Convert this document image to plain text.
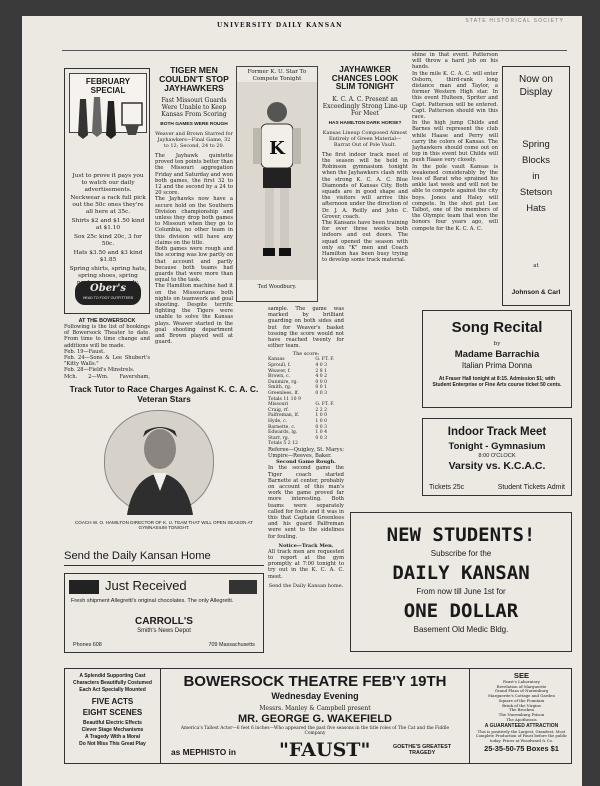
UNIVERSITY DAILY KANSAN
STATE HISTORICAL SOCIETY
FEBRUARY SPECIAL

Just to prove it pays you to watch our daily advertisements.

Neckwear a rack full pick out the 50c ones they're all here at 35c.

Shirts $2 and $1.50 kind at $1.10

Sox 25c kind 20c, 3 for 50c.

Hats $3.50 and $3 kind $1.85

Spring shirts, spring hats, spring shoes, spring

Ober's
HEAD TO FOOT OUTFITTERS
AT THE BOWERSOCK

Following is the list of bookings of Bowersock Theater to date. From time to time change and additions will be made.

Feb. 19—Faust.

Feb. 24—Sons & Lee Shubert's "Kitty Walls."

Feb. 28—Field's Minstrels.

Mch. 2—Wm. Faversham,

TIGER MEN COULDN'T STOP JAYHAWKERS
Fast Missouri Guards Were Unable to Keep Kansas From Scoring
BOTH GAMES WERE ROUGH
Weaver and Brown Starred for Jayhawkers—Final Game, 32 to 12; Second, 24 to 20.

The Jayhawk quintette proved ten points better than the Missouri aggregation Friday and Saturday and won both games, the first 32 to 12 and the second by a 24 to 20 score.

The Jayhawks now have a secure hold on the Southern Division championship and unless they drop both games to Missouri when they go to Columbia, no other team in this division will have any claims on the title.

Both games were rough and the scoring was low partly on that account and partly because both teams had guards that were more than equal to the task.

The Hamilton machine had it on the Missourians both nights on teamwork and goal shooting. Despite terrific fighting the Tigers were unable to solve the Kansas plays. Weaver started in the goal shooting department and Brown played well at guard.

Former K. U. Star To Compete Tonight
K
Ted Woodbury.
JAYHAWKER CHANCES LOOK SLIM TONIGHT
K. C. A. C. Present an Exceedingly Strong Line-up For Meet
HAS HAMILTON DARK HORSE?
Kansas Lineup Composed Almost Entirely of Green Material—Barrat Out of Pole Vault.

The first indoor track meet of the season will be held in Robinson gymnasium tonight when the Jayhawkers clash with the strong K. C. A. C. Blue Diamonds of Kansas City. Both squads are in good shape and the visitors will arrive this afternoon under the direction of Dr. J. A. Reilly and John C. Grover, coach.

The Kansans have been training for over three weeks both indoors and out doors. The squad opened the season with only six "K" men and Coach Hamilton has been busy trying to develop some track material.

shine in that event. Patterson will throw a hard job on his hands.

In the mile K. C. A. C. will enter Osborn, third-rank long distance man and Taylor, a former Western High star. In this event Hulteen, Spriter and Capt. Patterson will be entered. Capt. Patterson should win this race.

In the high jump Childs and Barnes will represent the club while Haase and Perry will carry the colors of Kansas. The Jayhawkers should come out on top in this event but Childs will push Haase very closely.

In the pole vault Kansas is weakened considerably by the loss of Barat who sprained his ankle last week and will not be able to compete against the city boys. Jones and Haley will compete. In the shot put Lee Talbot, one of the members of the Olympic team that won the honors four years ago, will compete for the K. C. A. C.

Now on Display
Spring
Blocks
in
Stetson
Hats
at
Johnson & Carl
Track Tutor to Race Charges Against K. C. A. C. Veteran Stars
COACH W. O. HAMILTON DIRECTOR OF K. U. TEAM THAT WILL OPEN SEASON AT GYMNASIUM TONIGHT.

sample. The game was marked by brilliant guarding on both sides and but for Weaver's basket tossing the score would not have reached twenty for either team.

The score:
Kansas	G. FT. F.
Sproull, f.	4 0 3
Weaver, f.	2 8 1
Brown, c.	4 0 2
Dunmire, rg.	0 0 0
Smith, rg.	0 0 1
Greenlees, lf.	0 0 3
Totals 11 10 9	
Missouri	G. FT. F.
Craig, rf.	2 2 2
Palfreman, lf.	1 0 0
Hyde, c.	1 0 0
Barnette, c.	0 0 3
Edwards, lg.	1 0 4
Starr, rg.	0 0 3
Totals 5 2 12	

Referee—Quigley, St. Marys; Umpire—Reeves, Baker.

Second Game Rough.

In the second game the Tiger coach started Barnette at center, probably on account of this man's work the game proved far more interesting. Both teams were separately called for fouls and it was in this that Captain Greenlees and his guard Palfreman were sent to the sidelines for fouling.

Notice—Track Men.

All track men are requested to report at the gym promptly at 7:00 tonight to try out in the K. C. A. C. meet.

Send the Daily Kansan home.
Song Recital
by
Madame Barrachia
Italian Prima Donna
At Fraser Hall tonight at 8:15. Admission $1; with Student Enterprise or Fine Arts course ticket 50 cents.
Indoor Track Meet
Tonight - Gymnasium
8:00 O'CLOCK
Varsity vs. K.C.A.C.
Tickets 25c	Student Tickets Admit
Send the Daily Kansan Home
Just Received
Fresh shipment Allegretti's original chocolates. The only Allegretti.
CARROLL'S
Smith's News Depot
Phones 608	709 Massachusetts
NEW STUDENTS!
Subscribe for the
DAILY KANSAN
From now till June 1st for
ONE DOLLAR
Basement Old Medic Bldg.
A Splendid Supporting Cast
Characters Beautifully Costumed
Each Act Specially Mounted
FIVE ACTS
EIGHT SCENES
Beautiful Electric Effects
Clever Stage Mechanisms
A Tragedy With a Moral
Do Not Miss This Great Play
BOWERSOCK THEATRE FEB'Y 19TH
Wednesday Evening
Messrs. Manley & Campbell present
MR. GEORGE G. WAKEFIELD
America's Tallest Actor—6 feet 6 inches—Who appeared the past five seasons in the title roles of The Cat and the Fiddle Company
as MEPHISTO in "FAUST"	GOETHE'S GREATEST TRAGEDY
SEE
Faust's Laboratory
Revelation of Marguerite
Grand Plaza of Nuremburg
Marguerite's Cottage and Garden
Square of the Fountain
Brink of the Virgins
The Brocken
The Nuremburg Prison
The Apotheosis
A GUARANTEED ATTRACTION
This is positively the Largest, Grandest, Most Complete Production of Faust before the public today. Prices at Woodward & Co.
25-35-50-75 Boxes $1
